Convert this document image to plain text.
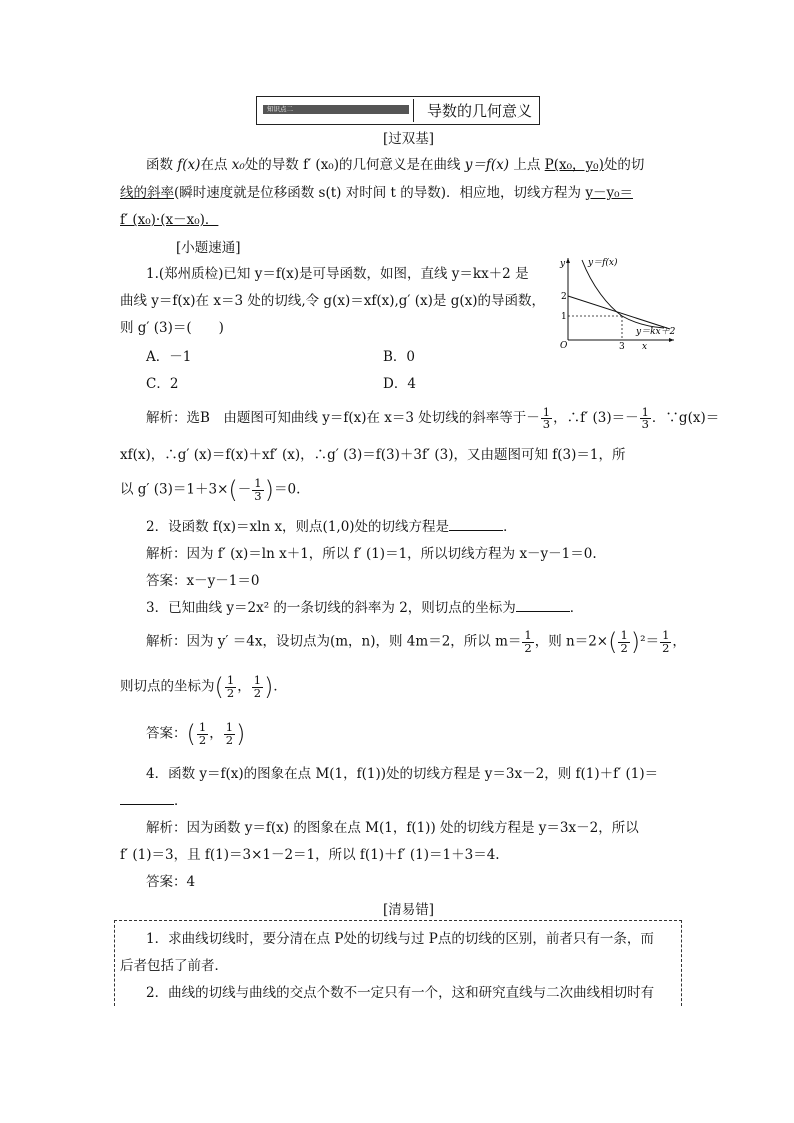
知识点二	导数的几何意义
[过双基]
函数 f(x)在点 x₀处的导数 f′ (x₀)的几何意义是在曲线 y＝f(x) 上点 P(x₀，y₀)处的切
线的斜率(瞬时速度就是位移函数 s(t) 对时间 t 的导数)．相应地，切线方程为 y－y₀＝
f′ (x₀)·(x－x₀)．
[小题速通]
1.(郑州质检)已知 y＝f(x)是可导函数，如图，直线 y＝kx＋2 是
曲线 y＝f(x)在 x＝3 处的切线,令 g(x)＝xf(x),g′ (x)是 g(x)的导函数，
则 g′ (3)＝(　　)
A．－1	B．0
C．2	D．4
y＝f(x)
y＝kx＋2
y
x
O
2
1
3
解析：选B　由题图可知曲线 y＝f(x)在 x＝3 处切线的斜率等于－ $\frac{1}{3}$ ，∴f′ $(3)=- \frac{1}{3}$ ．∵g(x)＝
xf(x)，∴g′ (x)＝f(x)＋xf′ (x)，∴g′ (3)＝f(3)＋3f′ (3)，又由题图可知 f(3)＝1，所
以 g′ $(3)=1+3\times(- \frac{1}{3} )=0$.
2．设函数 f(x)＝xln x，则点(1,0)处的切线方程是	．
解析：因为 f′ (x)＝ln x＋1，所以 f′ (1)＝1，所以切线方程为 x－y－1＝0.
答案：x－y－1＝0
3．已知曲线 y＝2x² 的一条切线的斜率为 2，则切点的坐标为	．
解析：因为 y′ ＝4x，设切点为(m，n)，则 4m＝2，所以 $m= \frac{1}{2}$ ，则 $n=2\times( \frac{1}{2} )^2= \frac{1}{2}$ ，
则切点的坐标为( $\frac{1}{2}$ ， $\frac{1}{2}$ )．
答案：( $\frac{1}{2}$ ， $\frac{1}{2}$ )
4．函数 y＝f(x)的图象在点 M(1，f(1))处的切线方程是 y＝3x－2，则 f(1)＋f′ (1)＝
．
解析：因为函数 y＝f(x) 的图象在点 M(1，f(1)) 处的切线方程是 y＝3x－2，所以
f′ (1)＝3，且 f(1)＝3×1－2＝1，所以 f(1)＋f′ (1)＝1＋3＝4.
答案：4
[清易错]
1．求曲线切线时，要分清在点 P处的切线与过 P点的切线的区别，前者只有一条，而
后者包括了前者．
2．曲线的切线与曲线的交点个数不一定只有一个，这和研究直线与二次曲线相切时有
